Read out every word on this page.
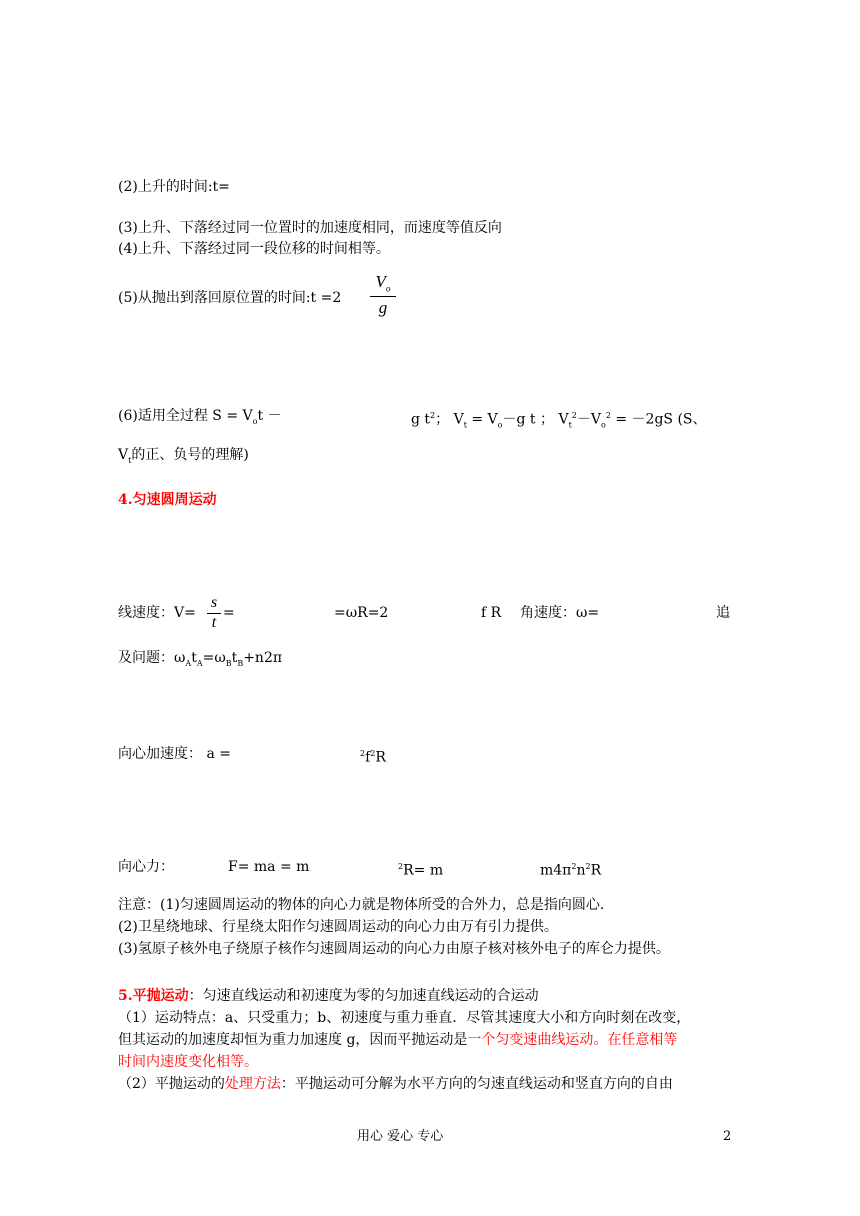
(2)上升的时间:t=
(3)上升、下落经过同一位置时的加速度相同，而速度等值反向
(4)上升、下落经过同一段位移的时间相等。
(5)从抛出到落回原位置的时间:t =2
$V_o$
g
(6)适用全过程 $S = V_ot$ －	g $t^2$； $V_t = V_o-g$ t ； $V_t^2-V_o^2 = -2gS$ (S、
$V_t$的正、负号的理解)
4.匀速圆周运动
线速度：V=
s
t
=	=ωR=2	f R 角速度：ω=	追
及问题：$\omega_At_A=\omega_Bt_B+n2\pi$
向心加速度： a =	$^2f^2R$
向心力：	F= ma = m	$^2$R= m	$m4\pi^2n^2R$
注意：(1)匀速圆周运动的物体的向心力就是物体所受的合外力，总是指向圆心.
(2)卫星绕地球、行星绕太阳作匀速圆周运动的向心力由万有引力提供。
(3)氢原子核外电子绕原子核作匀速圆周运动的向心力由原子核对核外电子的库仑力提供。
5.平抛运动：匀速直线运动和初速度为零的匀加速直线运动的合运动
（1）运动特点：a、只受重力；b、初速度与重力垂直．尽管其速度大小和方向时刻在改变，
但其运动的加速度却恒为重力加速度 g，因而平抛运动是一个匀变速曲线运动。在任意相等
时间内速度变化相等。
（2）平抛运动的处理方法：平抛运动可分解为水平方向的匀速直线运动和竖直方向的自由
用心 爱心 专心	2
